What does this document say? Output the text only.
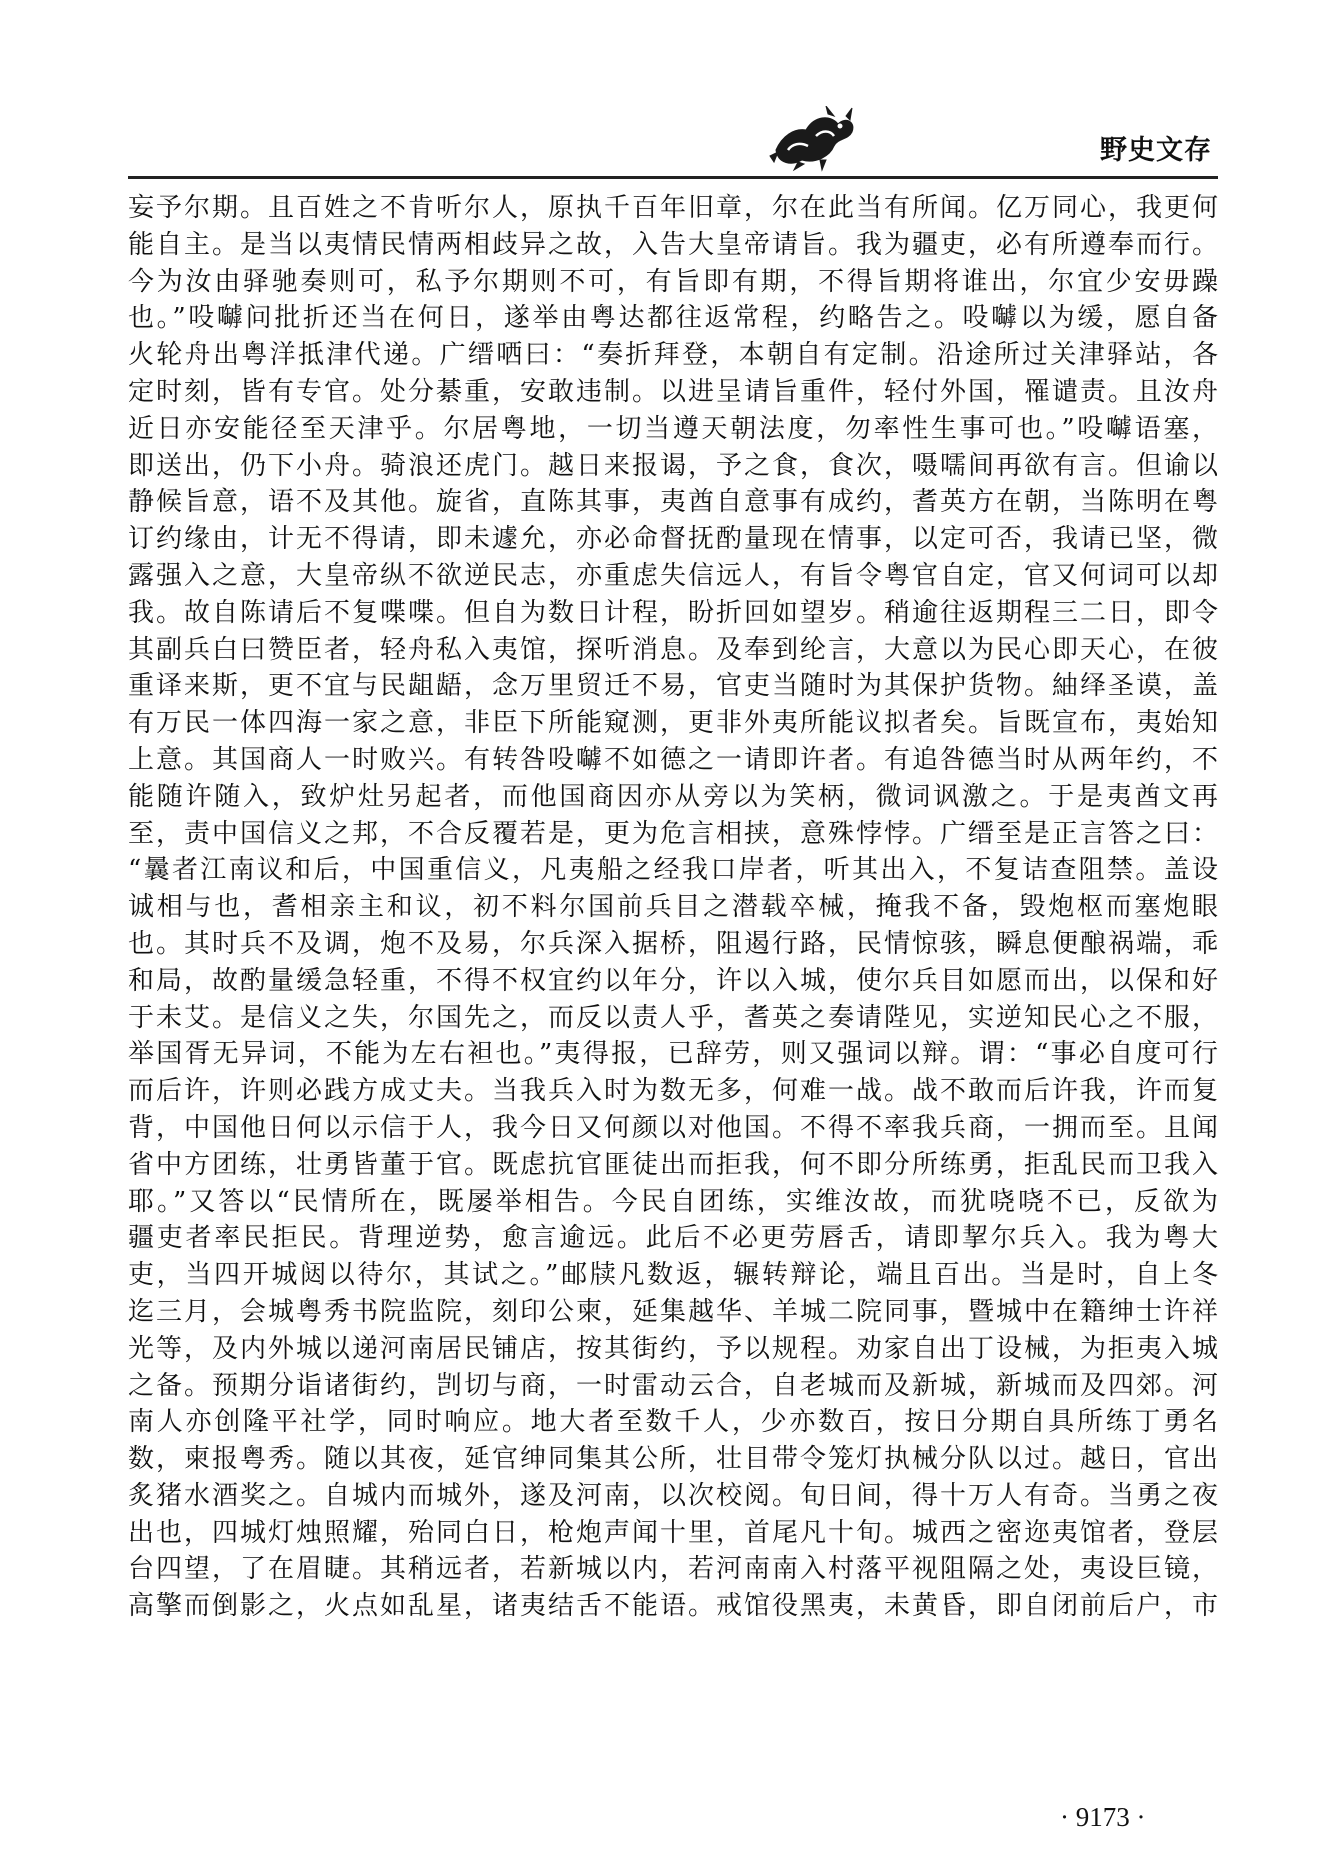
野史文存
妄予尔期。且百姓之不肯听尔人，原执千百年旧章，尔在此当有所闻。亿万同心，我更何
能自主。是当以夷情民情两相歧异之故，入告大皇帝请旨。我为疆吏，必有所遵奉而行。
今为汝由驿驰奏则可，私予尔期则不可，有旨即有期，不得旨期将谁出，尔宜少安毋躁
也。”吺嚹问批折还当在何日，遂举由粤达都往返常程，约略告之。吺嚹以为缓，愿自备
火轮舟出粤洋抵津代递。广缙哂曰：“奏折拜登，本朝自有定制。沿途所过关津驿站，各
定时刻，皆有专官。处分綦重，安敢违制。以进呈请旨重件，轻付外国，罹谴责。且汝舟
近日亦安能径至天津乎。尔居粤地，一切当遵天朝法度，勿率性生事可也。”吺嚹语塞，
即送出，仍下小舟。骑浪还虎门。越日来报谒，予之食，食次，嗫嚅间再欲有言。但谕以
静候旨意，语不及其他。旋省，直陈其事，夷酋自意事有成约，耆英方在朝，当陈明在粤
订约缘由，计无不得请，即未遽允，亦必命督抚酌量现在情事，以定可否，我请已坚，微
露强入之意，大皇帝纵不欲逆民志，亦重虑失信远人，有旨令粤官自定，官又何词可以却
我。故自陈请后不复喋喋。但自为数日计程，盼折回如望岁。稍逾往返期程三二日，即令
其副兵白曰赞臣者，轻舟私入夷馆，探听消息。及奉到纶言，大意以为民心即天心，在彼
重译来斯，更不宜与民龃龉，念万里贸迁不易，官吏当随时为其保护货物。紬绎圣谟，盖
有万民一体四海一家之意，非臣下所能窥测，更非外夷所能议拟者矣。旨既宣布，夷始知
上意。其国商人一时败兴。有转咎吺嚹不如德之一请即许者。有追咎德当时从两年约，不
能随许随入，致炉灶另起者，而他国商因亦从旁以为笑柄，微词讽激之。于是夷酋文再
至，责中国信义之邦，不合反覆若是，更为危言相挟，意殊悖悖。广缙至是正言答之曰：
“曩者江南议和后，中国重信义，凡夷船之经我口岸者，听其出入，不复诘查阻禁。盖设
诚相与也，耆相亲主和议，初不料尔国前兵目之潜载卒械，掩我不备，毁炮枢而塞炮眼
也。其时兵不及调，炮不及易，尔兵深入据桥，阻遏行路，民情惊骇，瞬息便酿祸端，乖
和局，故酌量缓急轻重，不得不权宜约以年分，许以入城，使尔兵目如愿而出，以保和好
于未艾。是信义之失，尔国先之，而反以责人乎，耆英之奏请陛见，实逆知民心之不服，
举国胥无异词，不能为左右袒也。”夷得报，已辞劳，则又强词以辩。谓：“事必自度可行
而后许，许则必践方成丈夫。当我兵入时为数无多，何难一战。战不敢而后许我，许而复
背，中国他日何以示信于人，我今日又何颜以对他国。不得不率我兵商，一拥而至。且闻
省中方团练，壮勇皆董于官。既虑抗官匪徒出而拒我，何不即分所练勇，拒乱民而卫我入
耶。”又答以“民情所在，既屡举相告。今民自团练，实维汝故，而犹哓哓不已，反欲为
疆吏者率民拒民。背理逆势，愈言逾远。此后不必更劳唇舌，请即挈尔兵入。我为粤大
吏，当四开城闼以待尔，其试之。”邮牍凡数返，辗转辩论，端且百出。当是时，自上冬
迄三月，会城粤秀书院监院，刻印公柬，延集越华、羊城二院同事，暨城中在籍绅士许祥
光等，及内外城以递河南居民铺店，按其街约，予以规程。劝家自出丁设械，为拒夷入城
之备。预期分诣诸街约，剀切与商，一时雷动云合，自老城而及新城，新城而及四郊。河
南人亦创隆平社学，同时响应。地大者至数千人，少亦数百，按日分期自具所练丁勇名
数，柬报粤秀。随以其夜，延官绅同集其公所，壮目带令笼灯执械分队以过。越日，官出
炙猪水酒奖之。自城内而城外，遂及河南，以次校阅。旬日间，得十万人有奇。当勇之夜
出也，四城灯烛照耀，殆同白日，枪炮声闻十里，首尾凡十旬。城西之密迩夷馆者，登层
台四望，了在眉睫。其稍远者，若新城以内，若河南南入村落平视阻隔之处，夷设巨镜，
高擎而倒影之，火点如乱星，诸夷结舌不能语。戒馆役黑夷，未黄昏，即自闭前后户，市
· 9173 ·
